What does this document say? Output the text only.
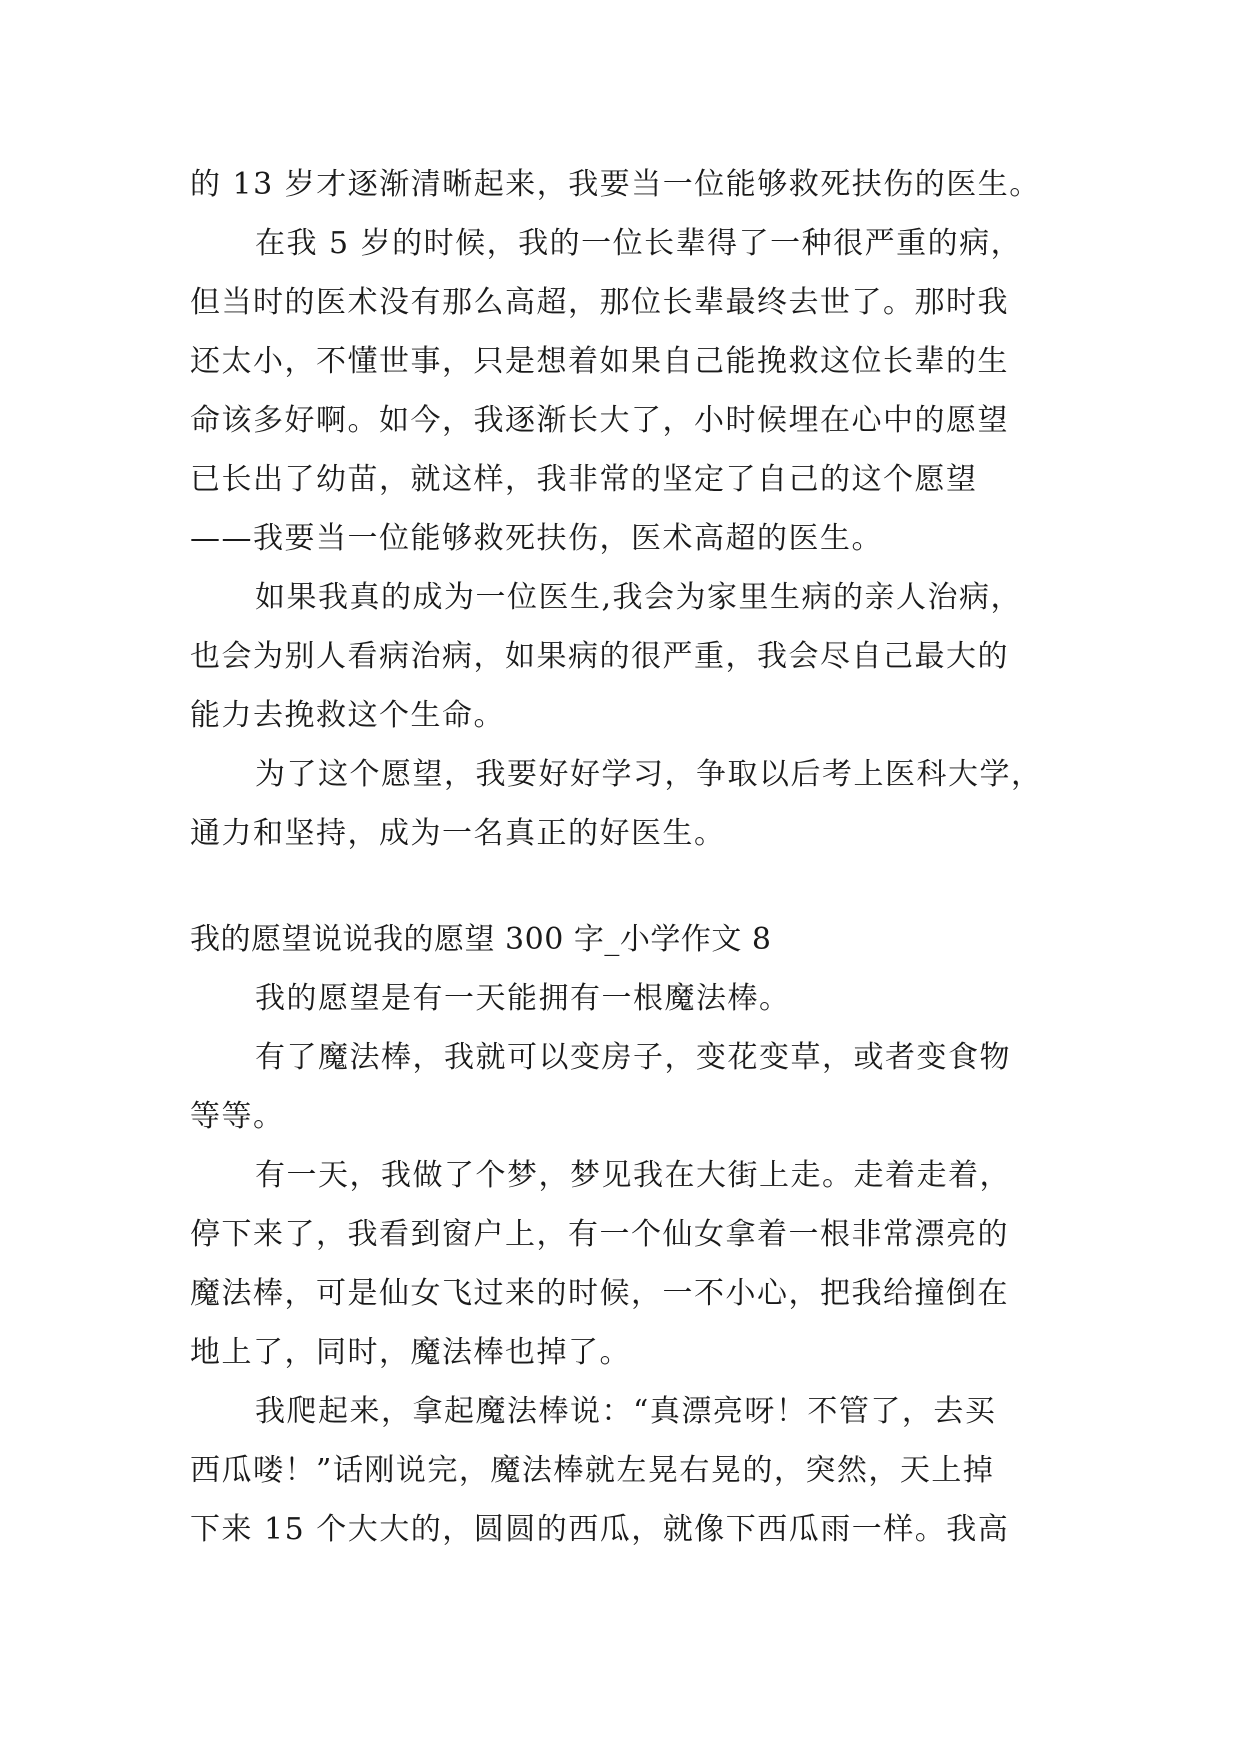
的 13 岁才逐渐清晰起来，我要当一位能够救死扶伤的医生。
在我 5 岁的时候，我的一位长辈得了一种很严重的病，
但当时的医术没有那么高超，那位长辈最终去世了。那时我
还太小，不懂世事，只是想着如果自己能挽救这位长辈的生
命该多好啊。如今，我逐渐长大了，小时候埋在心中的愿望
已长出了幼苗，就这样，我非常的坚定了自己的这个愿望
——我要当一位能够救死扶伤，医术高超的医生。
如果我真的成为一位医生,我会为家里生病的亲人治病，
也会为别人看病治病，如果病的很严重，我会尽自己最大的
能力去挽救这个生命。
为了这个愿望，我要好好学习，争取以后考上医科大学，
通力和坚持，成为一名真正的好医生。
我的愿望说说我的愿望 300 字_小学作文 8
我的愿望是有一天能拥有一根魔法棒。
有了魔法棒，我就可以变房子，变花变草，或者变食物
等等。
有一天，我做了个梦，梦见我在大街上走。走着走着，
停下来了，我看到窗户上，有一个仙女拿着一根非常漂亮的
魔法棒，可是仙女飞过来的时候，一不小心，把我给撞倒在
地上了，同时，魔法棒也掉了。
我爬起来，拿起魔法棒说：“真漂亮呀！不管了，去买
西瓜喽！”话刚说完，魔法棒就左晃右晃的，突然，天上掉
下来 15 个大大的，圆圆的西瓜，就像下西瓜雨一样。我高
